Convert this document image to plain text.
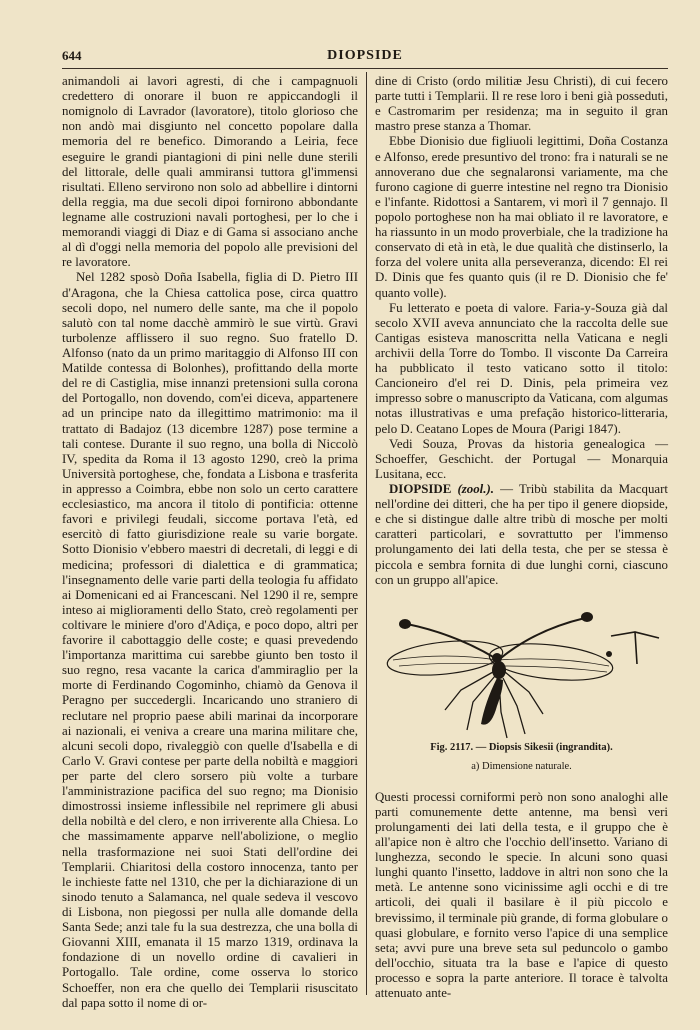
644	DIOPSIDE

animandoli ai lavori agresti, di che i campagnuoli credettero di onorare il buon re appiccandogli il nomignolo di Lavrador (lavoratore), titolo glorioso che non andò mai disgiunto nel concetto popolare dalla memoria del re benefico. Dimorando a Leiria, fece eseguire le grandi piantagioni di pini nelle dune sterili del littorale, delle quali ammiransi tuttora gl'immensi risultati. Elleno servirono non solo ad abbellire i dintorni della reggia, ma due secoli dipoi fornirono abbondante legname alle costruzioni navali portoghesi, per lo che i memorandi viaggi di Diaz e di Gama si associano anche al dì d'oggi nella memoria del popolo alle previsioni del re lavoratore.

Nel 1282 sposò Doña Isabella, figlia di D. Pietro III d'Aragona, che la Chiesa cattolica pose, circa quattro secoli dopo, nel numero delle sante, ma che il popolo salutò con tal nome dacchè ammirò le sue virtù. Gravi turbolenze afflissero il suo regno. Suo fratello D. Alfonso (nato da un primo maritaggio di Alfonso III con Matilde contessa di Bolonhes), profittando della morte del re di Castiglia, mise innanzi pretensioni sulla corona del Portogallo, non dovendo, com'ei diceva, appartenere ad un principe nato da illegittimo matrimonio: ma il trattato di Badajoz (13 dicembre 1287) pose termine a tali contese. Durante il suo regno, una bolla di Niccolò IV, spedita da Roma il 13 agosto 1290, creò la prima Università portoghese, che, fondata a Lisbona e trasferita in appresso a Coimbra, ebbe non solo un certo carattere ecclesiastico, ma ancora il titolo di pontificia: ottenne favori e privilegi feudali, siccome portava l'età, ed esercitò di fatto giurisdizione reale su varie borgate. Sotto Dionisio v'ebbero maestri di decretali, di leggi e di medicina; professori di dialettica e di grammatica; l'insegnamento delle varie parti della teologia fu affidato ai Domenicani ed ai Francescani. Nel 1290 il re, sempre inteso ai miglioramenti dello Stato, creò regolamenti per coltivare le miniere d'oro d'Adiça, e poco dopo, altri per favorire il cabottaggio delle coste; e quasi prevedendo l'importanza marittima cui sarebbe giunto ben tosto il suo regno, resa vacante la carica d'ammiraglio per la morte di Ferdinando Cogominho, chiamò da Genova il Peragno per succedergli. Incaricando uno straniero di reclutare nel proprio paese abili marinai da incorporare ai nazionali, ei veniva a creare una marina militare che, alcuni secoli dopo, rivaleggiò con quelle d'Isabella e di Carlo V. Gravi contese per parte della nobiltà e maggiori per parte del clero sorsero più volte a turbare l'amministrazione pacifica del suo regno; ma Dionisio dimostrossi insieme inflessibile nel reprimere gli abusi della nobiltà e del clero, e non irriverente alla Chiesa. Lo che massimamente apparve nell'abolizione, o meglio nella trasformazione nei suoi Stati dell'ordine dei Templarii. Chiaritosi della costoro innocenza, tanto per le inchieste fatte nel 1310, che per la dichiarazione di un sinodo tenuto a Salamanca, nel quale sedeva il vescovo di Lisbona, non piegossi per nulla alle domande della Santa Sede; anzi tale fu la sua destrezza, che una bolla di Giovanni XIII, emanata il 15 marzo 1319, ordinava la fondazione di un novello ordine di cavalieri in Portogallo. Tale ordine, come osserva lo storico Schoeffer, non era che quello dei Templarii risuscitato dal papa sotto il nome di or-

dine di Cristo (ordo militiæ Jesu Christi), di cui fecero parte tutti i Templarii. Il re rese loro i beni già posseduti, e Castromarim per residenza; ma in seguito il gran mastro prese stanza a Thomar.

Ebbe Dionisio due figliuoli legittimi, Doña Costanza e Alfonso, erede presuntivo del trono: fra i naturali se ne annoverano due che segnalaronsi variamente, ma che furono cagione di guerre intestine nel regno tra Dionisio e l'infante. Ridottosi a Santarem, vi morì il 7 gennajo. Il popolo portoghese non ha mai obliato il re lavoratore, e ha riassunto in un modo proverbiale, che la tradizione ha conservato di età in età, le due qualità che distinserlo, la forza del volere unita alla perseveranza, dicendo: El rei D. Dinis que fes quanto quis (il re D. Dionisio che fe' quanto volle).

Fu letterato e poeta di valore. Faria-y-Souza già dal secolo XVII aveva annunciato che la raccolta delle sue Cantigas esisteva manoscritta nella Vaticana e negli archivii della Torre do Tombo. Il visconte Da Carreira ha pubblicato il testo vaticano sotto il titolo: Cancioneiro d'el rei D. Dinis, pela primeira vez impresso sobre o manuscripto da Vaticana, com algumas notas illustrativas e uma prefação historico-litteraria, pelo D. Ceatano Lopes de Moura (Parigi 1847).

Vedi Souza, Provas da historia genealogica — Schoeffer, Geschicht. der Portugal — Monarquia Lusitana, ecc.

DIOPSIDE (zool.). — Tribù stabilita da Macquart nell'ordine dei ditteri, che ha per tipo il genere diopside, e che si distingue dalle altre tribù di mosche per molti caratteri particolari, e sovrattutto per l'immenso prolungamento dei lati della testa, che per se stessa è piccola e sembra fornita di due lunghi corni, ciascuno con un gruppo all'apice.

Fig. 2117. — Diopsis Sikesii (ingrandita).
a) Dimensione naturale.

Questi processi corniformi però non sono analoghi alle parti comunemente dette antenne, ma bensì veri prolungamenti dei lati della testa, e il gruppo che è all'apice non è altro che l'occhio dell'insetto. Variano di lunghezza, secondo le specie. In alcuni sono quasi lunghi quanto l'insetto, laddove in altri non sono che la metà. Le antenne sono vicinissime agli occhi e di tre articoli, dei quali il basilare è il più piccolo e brevissimo, il terminale più grande, di forma globulare o quasi globulare, e fornito verso l'apice di una semplice seta; avvi pure una breve seta sul peduncolo o gambo dell'occhio, situata tra la base e l'apice di questo processo e sopra la parte anteriore. Il torace è talvolta attenuato ante-
